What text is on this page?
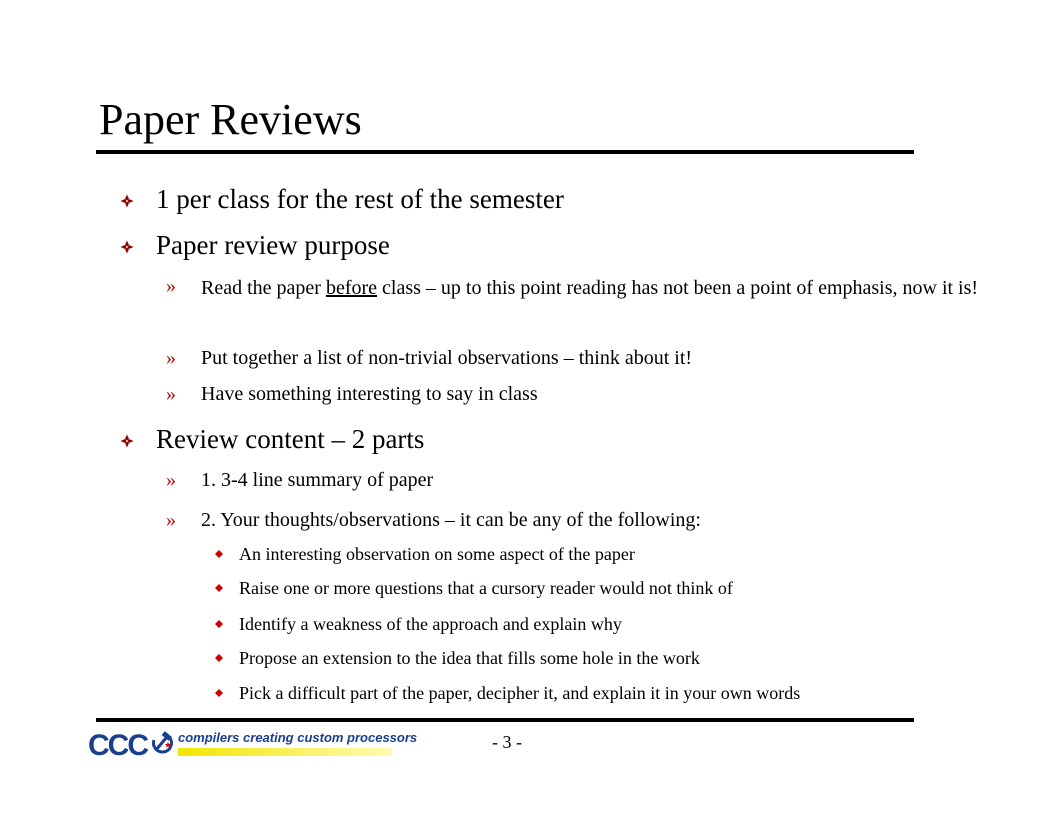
Paper Reviews
1 per class for the rest of the semester
Paper review purpose
» Read the paper before class – up to this point reading has not been a point of emphasis, now it is!
» Put together a list of non-trivial observations – think about it!
» Have something interesting to say in class
Review content – 2 parts
» 1. 3-4 line summary of paper
» 2. Your thoughts/observations – it can be any of the following:
An interesting observation on some aspect of the paper
Raise one or more questions that a cursory reader would not think of
Identify a weakness of the approach and explain why
Propose an extension to the idea that fills some hole in the work
Pick a difficult part of the paper, decipher it, and explain it in your own words
CCC compilers creating custom processors	- 3 -
